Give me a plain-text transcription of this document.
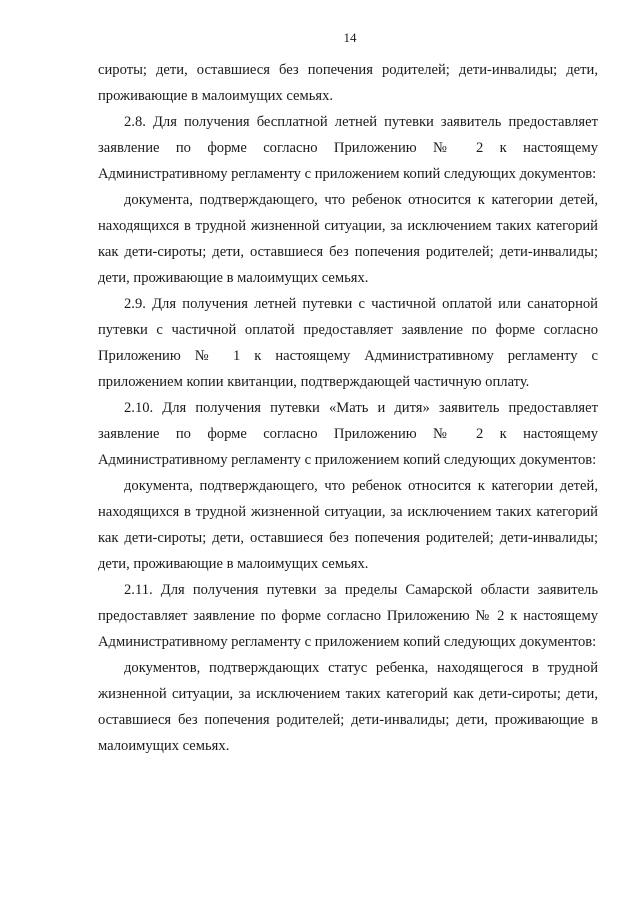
14

сироты; дети, оставшиеся без попечения родителей; дети-инвалиды; дети, проживающие в малоимущих семьях.

2.8. Для получения бесплатной летней путевки заявитель предоставляет заявление по форме согласно Приложению № 2 к настоящему Административному регламенту с приложением копий следующих документов:

документа, подтверждающего, что ребенок относится к категории детей, находящихся в трудной жизненной ситуации, за исключением таких категорий как дети-сироты; дети, оставшиеся без попечения родителей; дети-инвалиды; дети, проживающие в малоимущих семьях.

2.9. Для получения летней путевки с частичной оплатой или санаторной путевки с частичной оплатой предоставляет заявление по форме согласно Приложению № 1 к настоящему Административному регламенту с приложением копии квитанции, подтверждающей частичную оплату.

2.10. Для получения путевки «Мать и дитя» заявитель предоставляет заявление по форме согласно Приложению № 2 к настоящему Административному регламенту с приложением копий следующих документов:

документа, подтверждающего, что ребенок относится к категории детей, находящихся в трудной жизненной ситуации, за исключением таких категорий как дети-сироты; дети, оставшиеся без попечения родителей; дети-инвалиды; дети, проживающие в малоимущих семьях.

2.11. Для получения путевки за пределы Самарской области заявитель предоставляет заявление по форме согласно Приложению № 2 к настоящему Административному регламенту с приложением копий следующих документов:

документов, подтверждающих статус ребенка, находящегося в трудной жизненной ситуации, за исключением таких категорий как дети-сироты; дети, оставшиеся без попечения родителей; дети-инвалиды; дети, проживающие в малоимущих семьях.
